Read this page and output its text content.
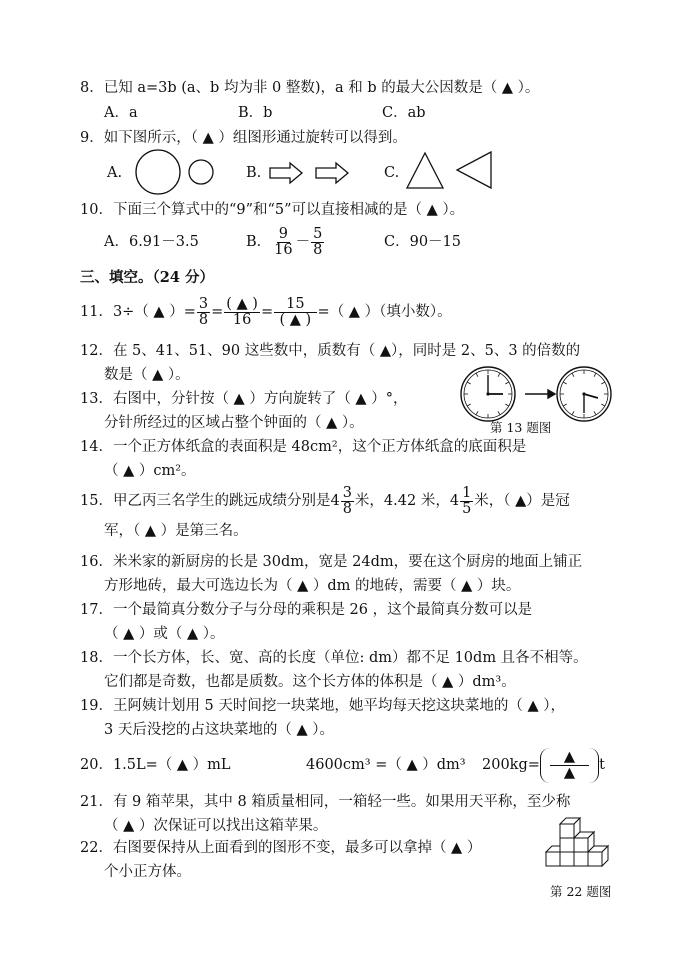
8．已知 a=3b (a、b 均为非 0 整数)，a 和 b 的最大公因数是（ ▲ ）。
A．a	B．b	C．ab
9．如下图所示，（ ▲ ）组图形通过旋转可以得到。
A.	B.	C.
10．下面三个算式中的“9”和“5”可以直接相减的是（ ▲ ）。
A．6.91－3.5	B． $\frac{9}{16} - \frac{5}{8}$	C．90－15
三、填空。（24 分）
11．3÷（ ▲ ）= $\frac{3}{8} = \frac{( ▲ )}{16} = \frac{15}{( ▲ )}$ =（ ▲ ）（填小数）。
12．在 5、41、51、90 这些数中，质数有（ ▲），同时是 2、5、3 的倍数的
数是（ ▲ ）。
13．右图中，分针按（ ▲ ）方向旋转了（ ▲ ）°，
分针所经过的区域占整个钟面的（ ▲ ）。	第 13 题图
14．一个正方体纸盒的表面积是 48cm²，这个正方体纸盒的底面积是
（ ▲ ）cm²。
15．甲乙丙三名学生的跳远成绩分别是 $4 \frac{3}{8}$ 米，4.42 米， $4 \frac{1}{5}$ 米，（ ▲）是冠
军，（ ▲ ）是第三名。
16．米米家的新厨房的长是 30dm，宽是 24dm，要在这个厨房的地面上铺正
方形地砖，最大可选边长为（ ▲ ）dm 的地砖，需要（ ▲ ）块。
17．一个最简真分数分子与分母的乘积是 26 ，这个最简真分数可以是
（ ▲ ）或（ ▲ ）。
18．一个长方体，长、宽、高的长度（单位: dm）都不足 10dm 且各不相等。
它们都是奇数，也都是质数。这个长方体的体积是（ ▲ ）dm³。
19．王阿姨计划用 5 天时间挖一块菜地，她平均每天挖这块菜地的（ ▲ ），
3 天后没挖的占这块菜地的（ ▲ ）。
20．1.5L=（ ▲ ）mL	4600cm³ =（ ▲ ）dm³ $200kg= \frac{▲}{▲}$ t
21．有 9 箱苹果，其中 8 箱质量相同，一箱轻一些。如果用天平称，至少称
（ ▲ ）次保证可以找出这箱苹果。
22．右图要保持从上面看到的图形不变，最多可以拿掉（ ▲ ）
个小正方体。
第 22 题图
